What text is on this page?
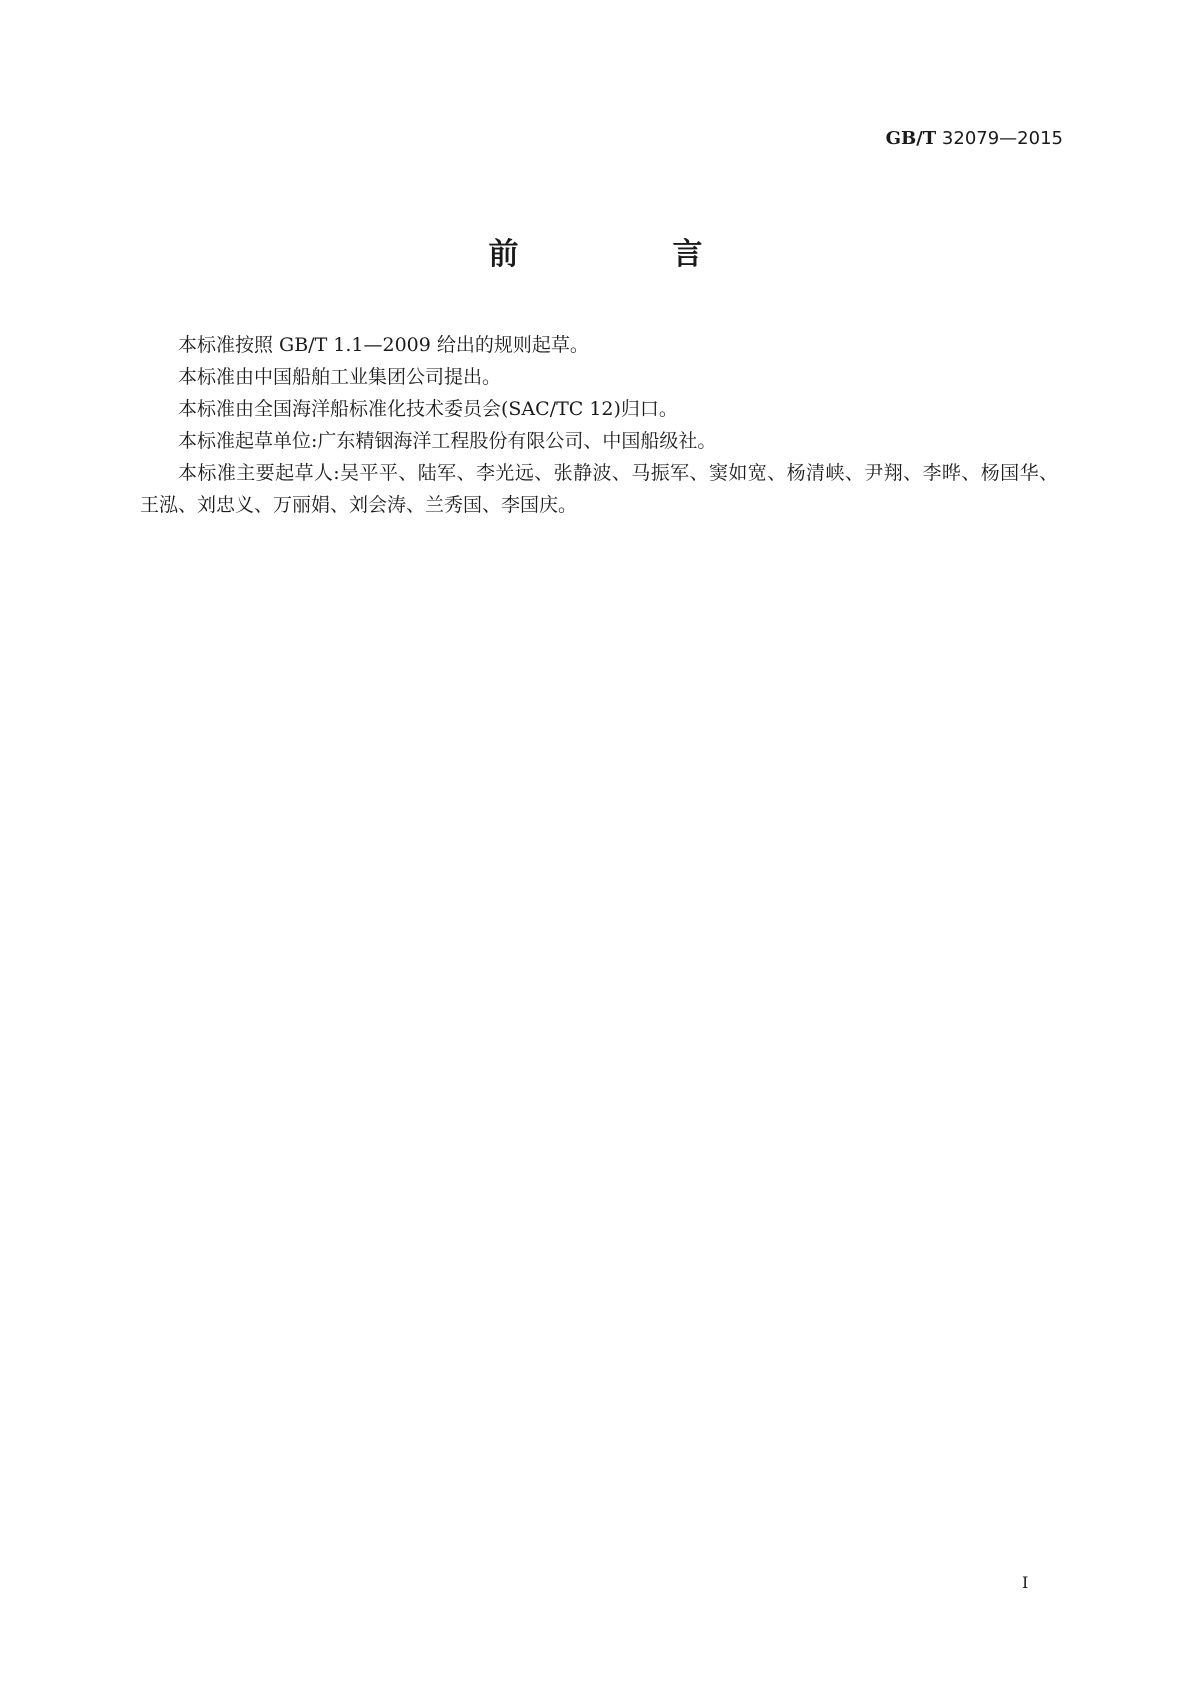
GB/T 32079—2015
前　言

本标准按照 GB/T 1.1—2009 给出的规则起草。

本标准由中国船舶工业集团公司提出。

本标准由全国海洋船标准化技术委员会(SAC/TC 12)归口。

本标准起草单位:广东精铟海洋工程股份有限公司、中国船级社。

本标准主要起草人:吴平平、陆军、李光远、张静波、马振军、窦如宽、杨清峡、尹翔、李晔、杨国华、王泓、刘忠义、万丽娟、刘会涛、兰秀国、李国庆。

I
